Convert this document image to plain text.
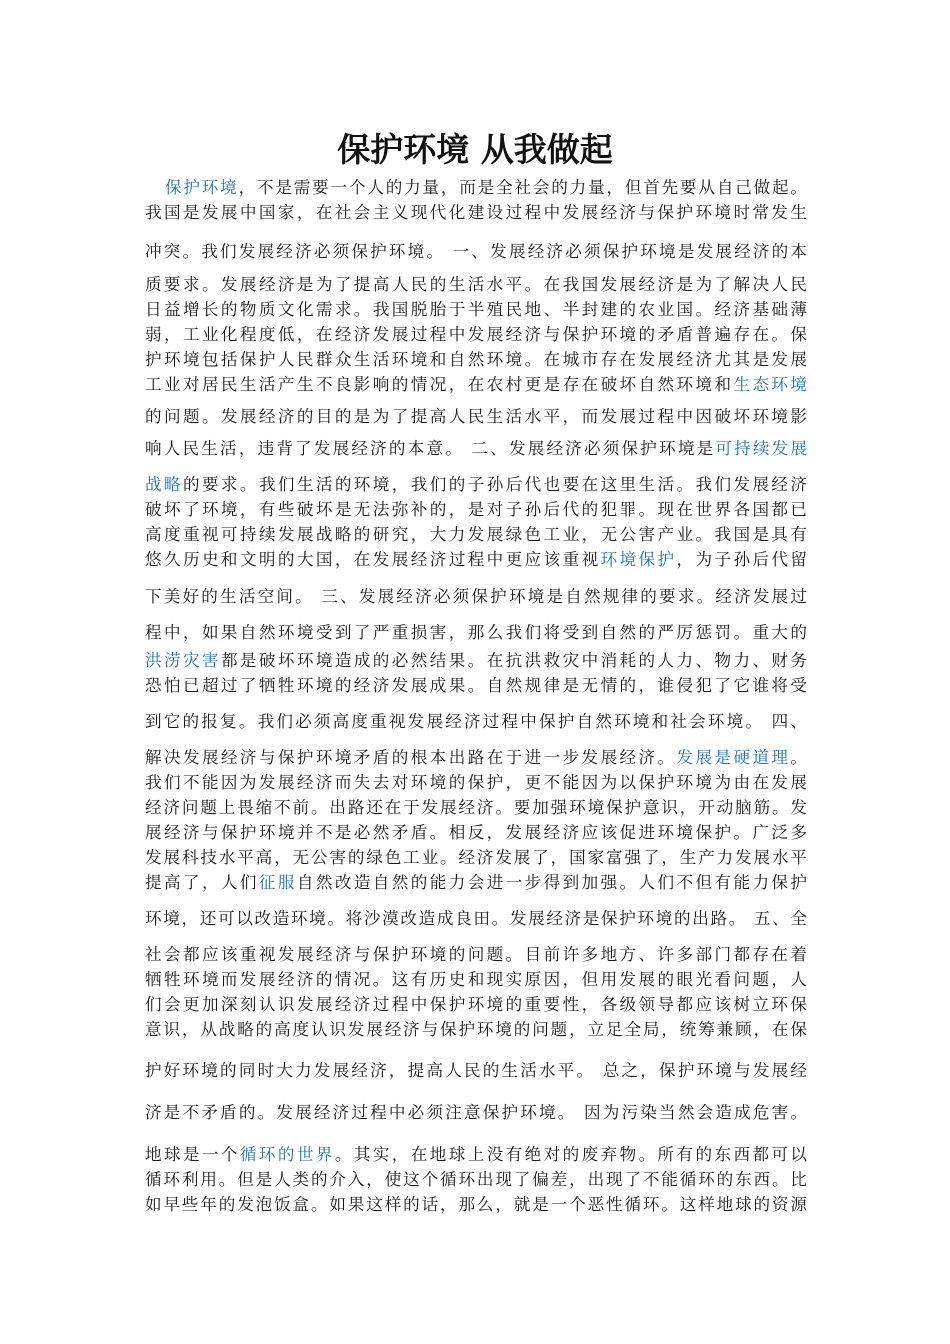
保护环境 从我做起
保护环境，不是需要一个人的力量，而是全社会的力量，但首先要从自己做起。
我国是发展中国家，在社会主义现代化建设过程中发展经济与保护环境时常发生
冲突。我们发展经济必须保护环境。 一、发展经济必须保护环境是发展经济的本
质要求。发展经济是为了提高人民的生活水平。在我国发展经济是为了解决人民
日益增长的物质文化需求。我国脱胎于半殖民地、半封建的农业国。经济基础薄
弱，工业化程度低，在经济发展过程中发展经济与保护环境的矛盾普遍存在。保
护环境包括保护人民群众生活环境和自然环境。在城市存在发展经济尤其是发展
工业对居民生活产生不良影响的情况，在农村更是存在破坏自然环境和生态环境
的问题。发展经济的目的是为了提高人民生活水平，而发展过程中因破坏环境影
响人民生活，违背了发展经济的本意。 二、发展经济必须保护环境是可持续发展
战略的要求。我们生活的环境，我们的子孙后代也要在这里生活。我们发展经济
破坏了环境，有些破坏是无法弥补的，是对子孙后代的犯罪。现在世界各国都已
高度重视可持续发展战略的研究，大力发展绿色工业，无公害产业。我国是具有
悠久历史和文明的大国，在发展经济过程中更应该重视环境保护，为子孙后代留
下美好的生活空间。 三、发展经济必须保护环境是自然规律的要求。经济发展过
程中，如果自然环境受到了严重损害，那么我们将受到自然的严厉惩罚。重大的
洪涝灾害都是破坏环境造成的必然结果。在抗洪救灾中消耗的人力、物力、财务
恐怕已超过了牺牲环境的经济发展成果。自然规律是无情的，谁侵犯了它谁将受
到它的报复。我们必须高度重视发展经济过程中保护自然环境和社会环境。 四、
解决发展经济与保护环境矛盾的根本出路在于进一步发展经济。发展是硬道理。
我们不能因为发展经济而失去对环境的保护，更不能因为以保护环境为由在发展
经济问题上畏缩不前。出路还在于发展经济。要加强环境保护意识，开动脑筋。发
展经济与保护环境并不是必然矛盾。相反，发展经济应该促进环境保护。广泛多
发展科技水平高，无公害的绿色工业。经济发展了，国家富强了，生产力发展水平
提高了，人们征服自然改造自然的能力会进一步得到加强。人们不但有能力保护
环境，还可以改造环境。将沙漠改造成良田。发展经济是保护环境的出路。 五、全
社会都应该重视发展经济与保护环境的问题。目前许多地方、许多部门都存在着
牺牲环境而发展经济的情况。这有历史和现实原因，但用发展的眼光看问题，人
们会更加深刻认识发展经济过程中保护环境的重要性，各级领导都应该树立环保
意识，从战略的高度认识发展经济与保护环境的问题，立足全局，统筹兼顾，在保
护好环境的同时大力发展经济，提高人民的生活水平。 总之，保护环境与发展经
济是不矛盾的。发展经济过程中必须注意保护环境。 因为污染当然会造成危害。
地球是一个循环的世界。其实，在地球上没有绝对的废弃物。所有的东西都可以
循环利用。但是人类的介入，使这个循环出现了偏差，出现了不能循环的东西。比
如早些年的发泡饭盒。如果这样的话，那么，就是一个恶性循环。这样地球的资源
